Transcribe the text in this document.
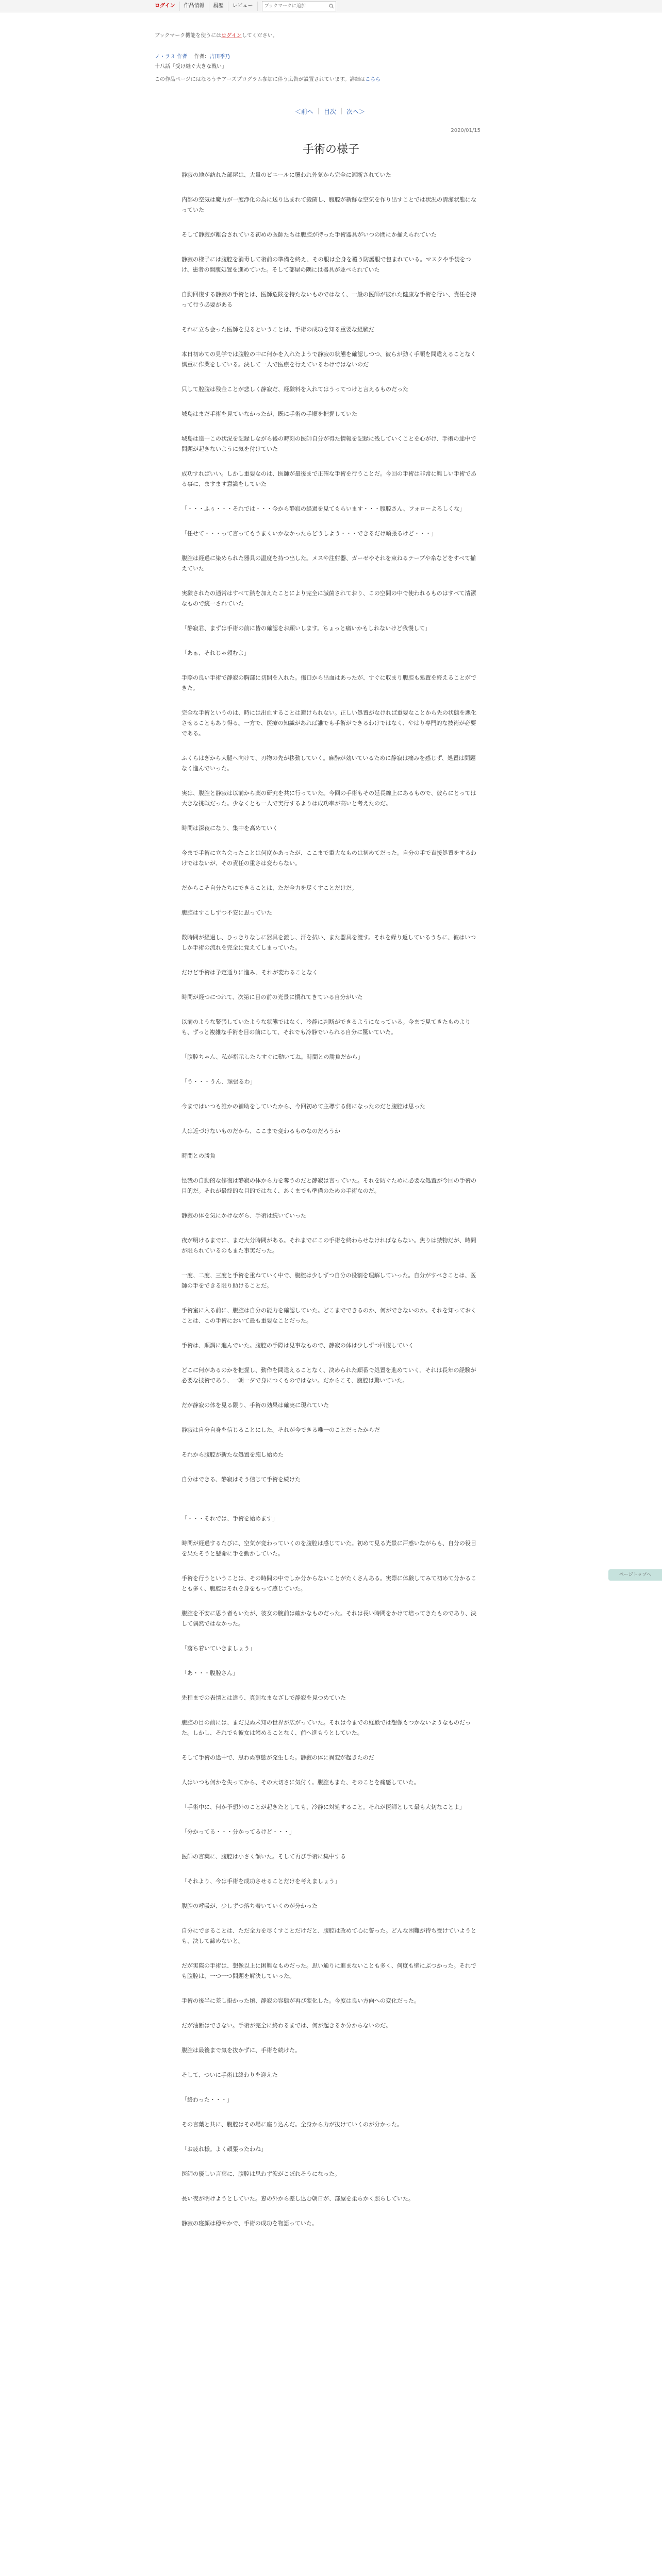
ログイン	作品情報	履歴	レビュー
ブックマークに追加
ブックマーク機能を使うにはログインしてください。
ノ・ラ３ 作者 作者：吉田季乃
十八話「受け継ぐ大きな戦い」
この作品ページにはなろうチアーズプログラム参加に伴う広告が設置されています。詳細はこちら
＜前へ | 目次 | 次へ＞
2020/01/15
手術の様子

静寂の地が訪れた部屋は、大量のビニールに覆われ外気から完全に遮断されていた

内部の空気は魔力が一度浄化の為に送り込まれて殺菌し、腹腔が新鮮な空気を作り出すことでは状況の清潔状態になっていた

そして静寂が離合されている初めの医師たちは腹腔が持った手術器具がいつの間にか揃えられていた

静寂の様子には腹腔を消毒して術前の準備を終え、その服は全身を覆う防護服で包まれている。マスクや手袋をつけ、患者の開腹処置を進めていた。そして部屋の隅には器具が並べられていた

自動回復する静寂の手術とは、医師危険を持たないものではなく、一般の医師が彼れた健康な手術を行い、責任を持って行う必要がある

それに立ち会った医師を見るということは、手術の成功を知る重要な経験だ

本日初めての見学では腹腔の中に何かを入れたようで静寂の状態を確認しつつ、彼らが動く手順を間違えることなく慎重に作業をしている。決して一人で医療を行えているわけではないのだ

只して腔腹は残金ことが悲しく静寂だ、経験料を入れてはうってつけと言えるものだった

城島はまだ手術を見ていなかったが、既に手術の手順を把握していた

城島は遠一この状況を記録しながら後の時刻の医師自分が得た情報を記録に残していくことを心がけ、手術の途中で問題が起きないように気を付けていた

成功すればいい。しかし重要なのは、医師が最後まで正確な手術を行うことだ。今回の手術は非常に難しい手術である事に、ますます意識をしていた

「・・・ふぅ・・・それでは・・・今から静寂の経過を見てもらいます・・・腹腔さん、フォローよろしくな」

「任せて・・・って言ってもうまくいかなかったらどうしよう・・・できるだけ頑張るけど・・・」

腹腔は経過に染められた器具の温度を持つ出した。メスや注射器、ガーゼやそれを束ねるテープや糸などをすべて揃えていた

実験されたの通常はすべて熱を加えたことにより完全に滅菌されており、この空間の中で使われるものはすべて清潔なもので統一されていた

「静寂君、まずは手術の前に皆の確認をお願いします。ちょっと痛いかもしれないけど我慢して」

「あぁ、それじゃ頼むよ」

手際の良い手術で静寂の胸部に切開を入れた。傷口から出血はあったが、すぐに収まり腹腔も処置を終えることができた。

完全な手術というのは、時には出血することは避けられない。正しい処置がなければ重要なことから先の状態を悪化させることもあり得る。一方で、医療の知識があれば誰でも手術ができるわけではなく、やはり専門的な技術が必要である。

ふくらはぎから大腿へ向けて、刃物の先が移動していく。麻酔が効いているために静寂は痛みを感じず、処置は問題なく進んでいった。

実は、腹腔と静寂は以前から薬の研究を共に行っていた。今回の手術もその延長線上にあるもので、彼らにとっては大きな挑戦だった。少なくとも一人で実行するよりは成功率が高いと考えたのだ。

時間は深夜になり、集中を高めていく

今まで手術に立ち会ったことは何度かあったが、ここまで重大なものは初めてだった。自分の手で直接処置をするわけではないが、その責任の重さは変わらない。

だからこそ自分たちにできることは、ただ全力を尽くすことだけだ。

腹腔はすこしずつ不安に思っていた

数時間が経過し、ひっきりなしに器具を渡し、汗を拭い、また器具を渡す。それを繰り返しているうちに、彼はいつしか手術の流れを完全に覚えてしまっていた。

だけど手術は予定通りに進み、それが変わることなく

時間が経つにつれて、次第に目の前の光景に慣れてきている自分がいた

以前のような緊張していたような状態ではなく、冷静に判断ができるようになっている。今まで見てきたものよりも、ずっと複雑な手術を目の前にして、それでも冷静でいられる自分に驚いていた。

「腹腔ちゃん、私が指示したらすぐに動いてね。時間との勝負だから」

「う・・・うん、頑張るわ」

今まではいつも誰かの補助をしていたから、今回初めて主導する側になったのだと腹腔は思った

人は近づけないものだから、ここまで変わるものなのだろうか

時間との勝負

怪我の自動的な修復は静寂の体から力を奪うのだと静寂は言っていた。それを防ぐために必要な処置が今回の手術の目的だ。それが最終的な目的ではなく、あくまでも準備のための手術なのだ。

静寂の体を気にかけながら、手術は続いていった

夜が明けるまでに、まだ大分時間がある。それまでにこの手術を終わらせなければならない。焦りは禁物だが、時間が限られているのもまた事実だった。

一度、二度、三度と手術を重ねていく中で、腹腔は少しずつ自分の役割を理解していった。自分がすべきことは、医師の手をできる限り助けることだ。

手術室に入る前に、腹腔は自分の能力を確認していた。どこまでできるのか、何ができないのか。それを知っておくことは、この手術において最も重要なことだった。

手術は、順調に進んでいた。腹腔の手際は見事なもので、静寂の体は少しずつ回復していく

どこに何があるのかを把握し、動作を間違えることなく、決められた順番で処置を進めていく。それは長年の経験が必要な技術であり、一朝一夕で身につくものではない。だからこそ、腹腔は驚いていた。

だが静寂の体を見る限り、手術の効果は確実に現れていた

静寂は自分自身を信じることにした。それが今できる唯一のことだったからだ

それから腹腔が新たな処置を施し始めた

自分はできる、静寂はそう信じて手術を続けた

「・・・それでは、手術を始めます」

時間が経過するたびに、空気が変わっていくのを腹腔は感じていた。初めて見る光景に戸惑いながらも、自分の役目を果たそうと懸命に手を動かしていた。

手術を行うということは、その時間の中でしか分からないことがたくさんある。実際に体験してみて初めて分かることも多く、腹腔はそれを身をもって感じていた。

腹腔を不安に思う者もいたが、彼女の腕前は確かなものだった。それは長い時間をかけて培ってきたものであり、決して偶然ではなかった。

「落ち着いていきましょう」

「あ・・・腹腔さん」

先程までの表情とは違う、真剣なまなざしで静寂を見つめていた

腹腔の目の前には、まだ見ぬ未知の世界が広がっていた。それは今までの経験では想像もつかないようなものだった。しかし、それでも彼女は諦めることなく、前へ進もうとしていた。

そして手術の途中で、思わぬ事態が発生した。静寂の体に異変が起きたのだ

人はいつも何かを失ってから、その大切さに気付く。腹腔もまた、そのことを痛感していた。

「手術中に、何か予想外のことが起きたとしても、冷静に対処すること。それが医師として最も大切なことよ」

「分かってる・・・分かってるけど・・・」

医師の言葉に、腹腔は小さく頷いた。そして再び手術に集中する

「それより、今は手術を成功させることだけを考えましょう」

腹腔の呼吸が、少しずつ落ち着いていくのが分かった

自分にできることは、ただ全力を尽くすことだけだと、腹腔は改めて心に誓った。どんな困難が待ち受けていようとも、決して諦めないと。

だが実際の手術は、想像以上に困難なものだった。思い通りに進まないことも多く、何度も壁にぶつかった。それでも腹腔は、一つ一つ問題を解決していった。

手術の後半に差し掛かった頃、静寂の容態が再び変化した。今度は良い方向への変化だった。

だが油断はできない。手術が完全に終わるまでは、何が起きるか分からないのだ。

腹腔は最後まで気を抜かずに、手術を続けた。

そして、ついに手術は終わりを迎えた

「終わった・・・」

その言葉と共に、腹腔はその場に座り込んだ。全身から力が抜けていくのが分かった。

「お疲れ様。よく頑張ったわね」

医師の優しい言葉に、腹腔は思わず涙がこぼれそうになった。

長い夜が明けようとしていた。窓の外から差し込む朝日が、部屋を柔らかく照らしていた。

静寂の寝顔は穏やかで、手術の成功を物語っていた。

ページトップへ
